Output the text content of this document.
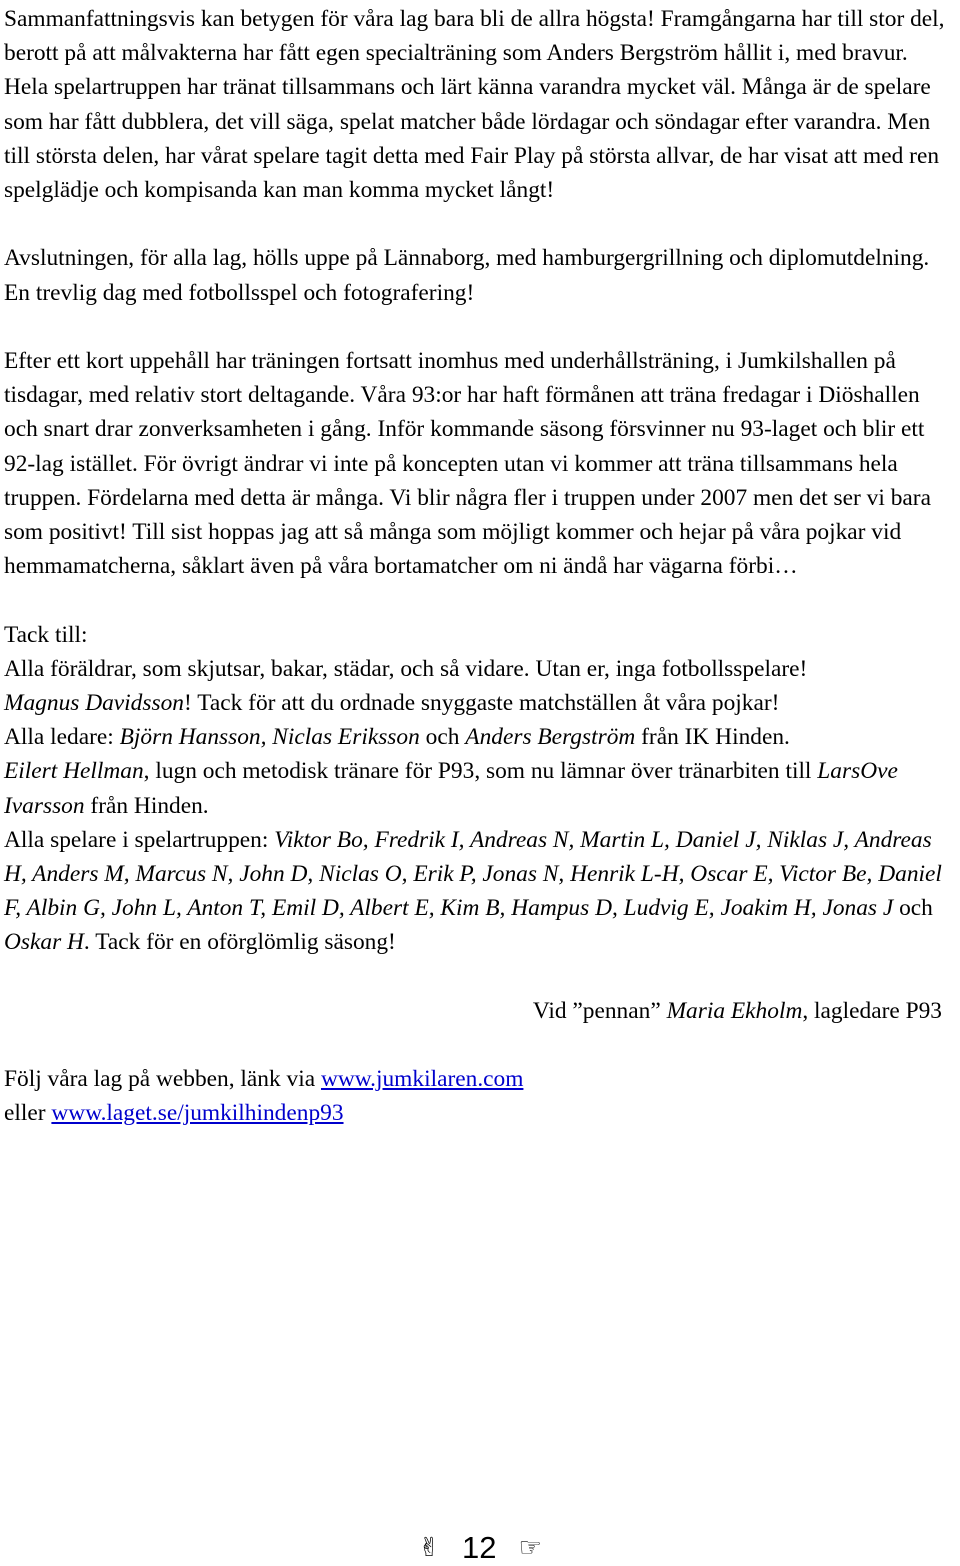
Sammanfattningsvis kan betygen för våra lag bara bli de allra högsta! Framgångarna har till stor del, berott på att målvakterna har fått egen specialträning som Anders Bergström hållit i, med bravur. Hela spelartruppen har tränat tillsammans och lärt känna varandra mycket väl. Många är de spelare som har fått dubblera, det vill säga, spelat matcher både lördagar och söndagar efter varandra. Men till största delen, har vårat spelare tagit detta med Fair Play på största allvar, de har visat att med ren spelglädje och kompisanda kan man komma mycket långt!

Avslutningen, för alla lag, hölls uppe på Lännaborg, med hamburgergrillning och diplomutdelning. En trevlig dag med fotbollsspel och fotografering!

Efter ett kort uppehåll har träningen fortsatt inomhus med underhållsträning, i Jumkilshallen på tisdagar, med relativ stort deltagande. Våra 93:or har haft förmånen att träna fredagar i Diöshallen och snart drar zonverksamheten i gång. Inför kommande säsong försvinner nu 93-laget och blir ett 92-lag istället. För övrigt ändrar vi inte på koncepten utan vi kommer att träna tillsammans hela truppen. Fördelarna med detta är många. Vi blir några fler i truppen under 2007 men det ser vi bara som positivt! Till sist hoppas jag att så många som möjligt kommer och hejar på våra pojkar vid hemmamatcherna, såklart även på våra bortamatcher om ni ändå har vägarna förbi…

Tack till:

Alla föräldrar, som skjutsar, bakar, städar, och så vidare. Utan er, inga fotbollsspelare!

Magnus Davidsson! Tack för att du ordnade snyggaste matchställen åt våra pojkar!

Alla ledare: Björn Hansson, Niclas Eriksson och Anders Bergström från IK Hinden.

Eilert Hellman, lugn och metodisk tränare för P93, som nu lämnar över tränarbiten till LarsOve Ivarsson från Hinden.

Alla spelare i spelartruppen: Viktor Bo, Fredrik I, Andreas N, Martin L, Daniel J, Niklas J, Andreas H, Anders M, Marcus N, John D, Niclas O, Erik P, Jonas N, Henrik L-H, Oscar E, Victor Be, Daniel F, Albin G, John L, Anton T, Emil D, Albert E, Kim B, Hampus D, Ludvig E, Joakim H, Jonas J och Oskar H. Tack för en oförglömlig säsong!

Vid ”pennan” Maria Ekholm, lagledare P93

Följ våra lag på webben, länk via www.jumkilaren.com

eller www.laget.se/jumkilhindenp93

✌ 12 ☞
